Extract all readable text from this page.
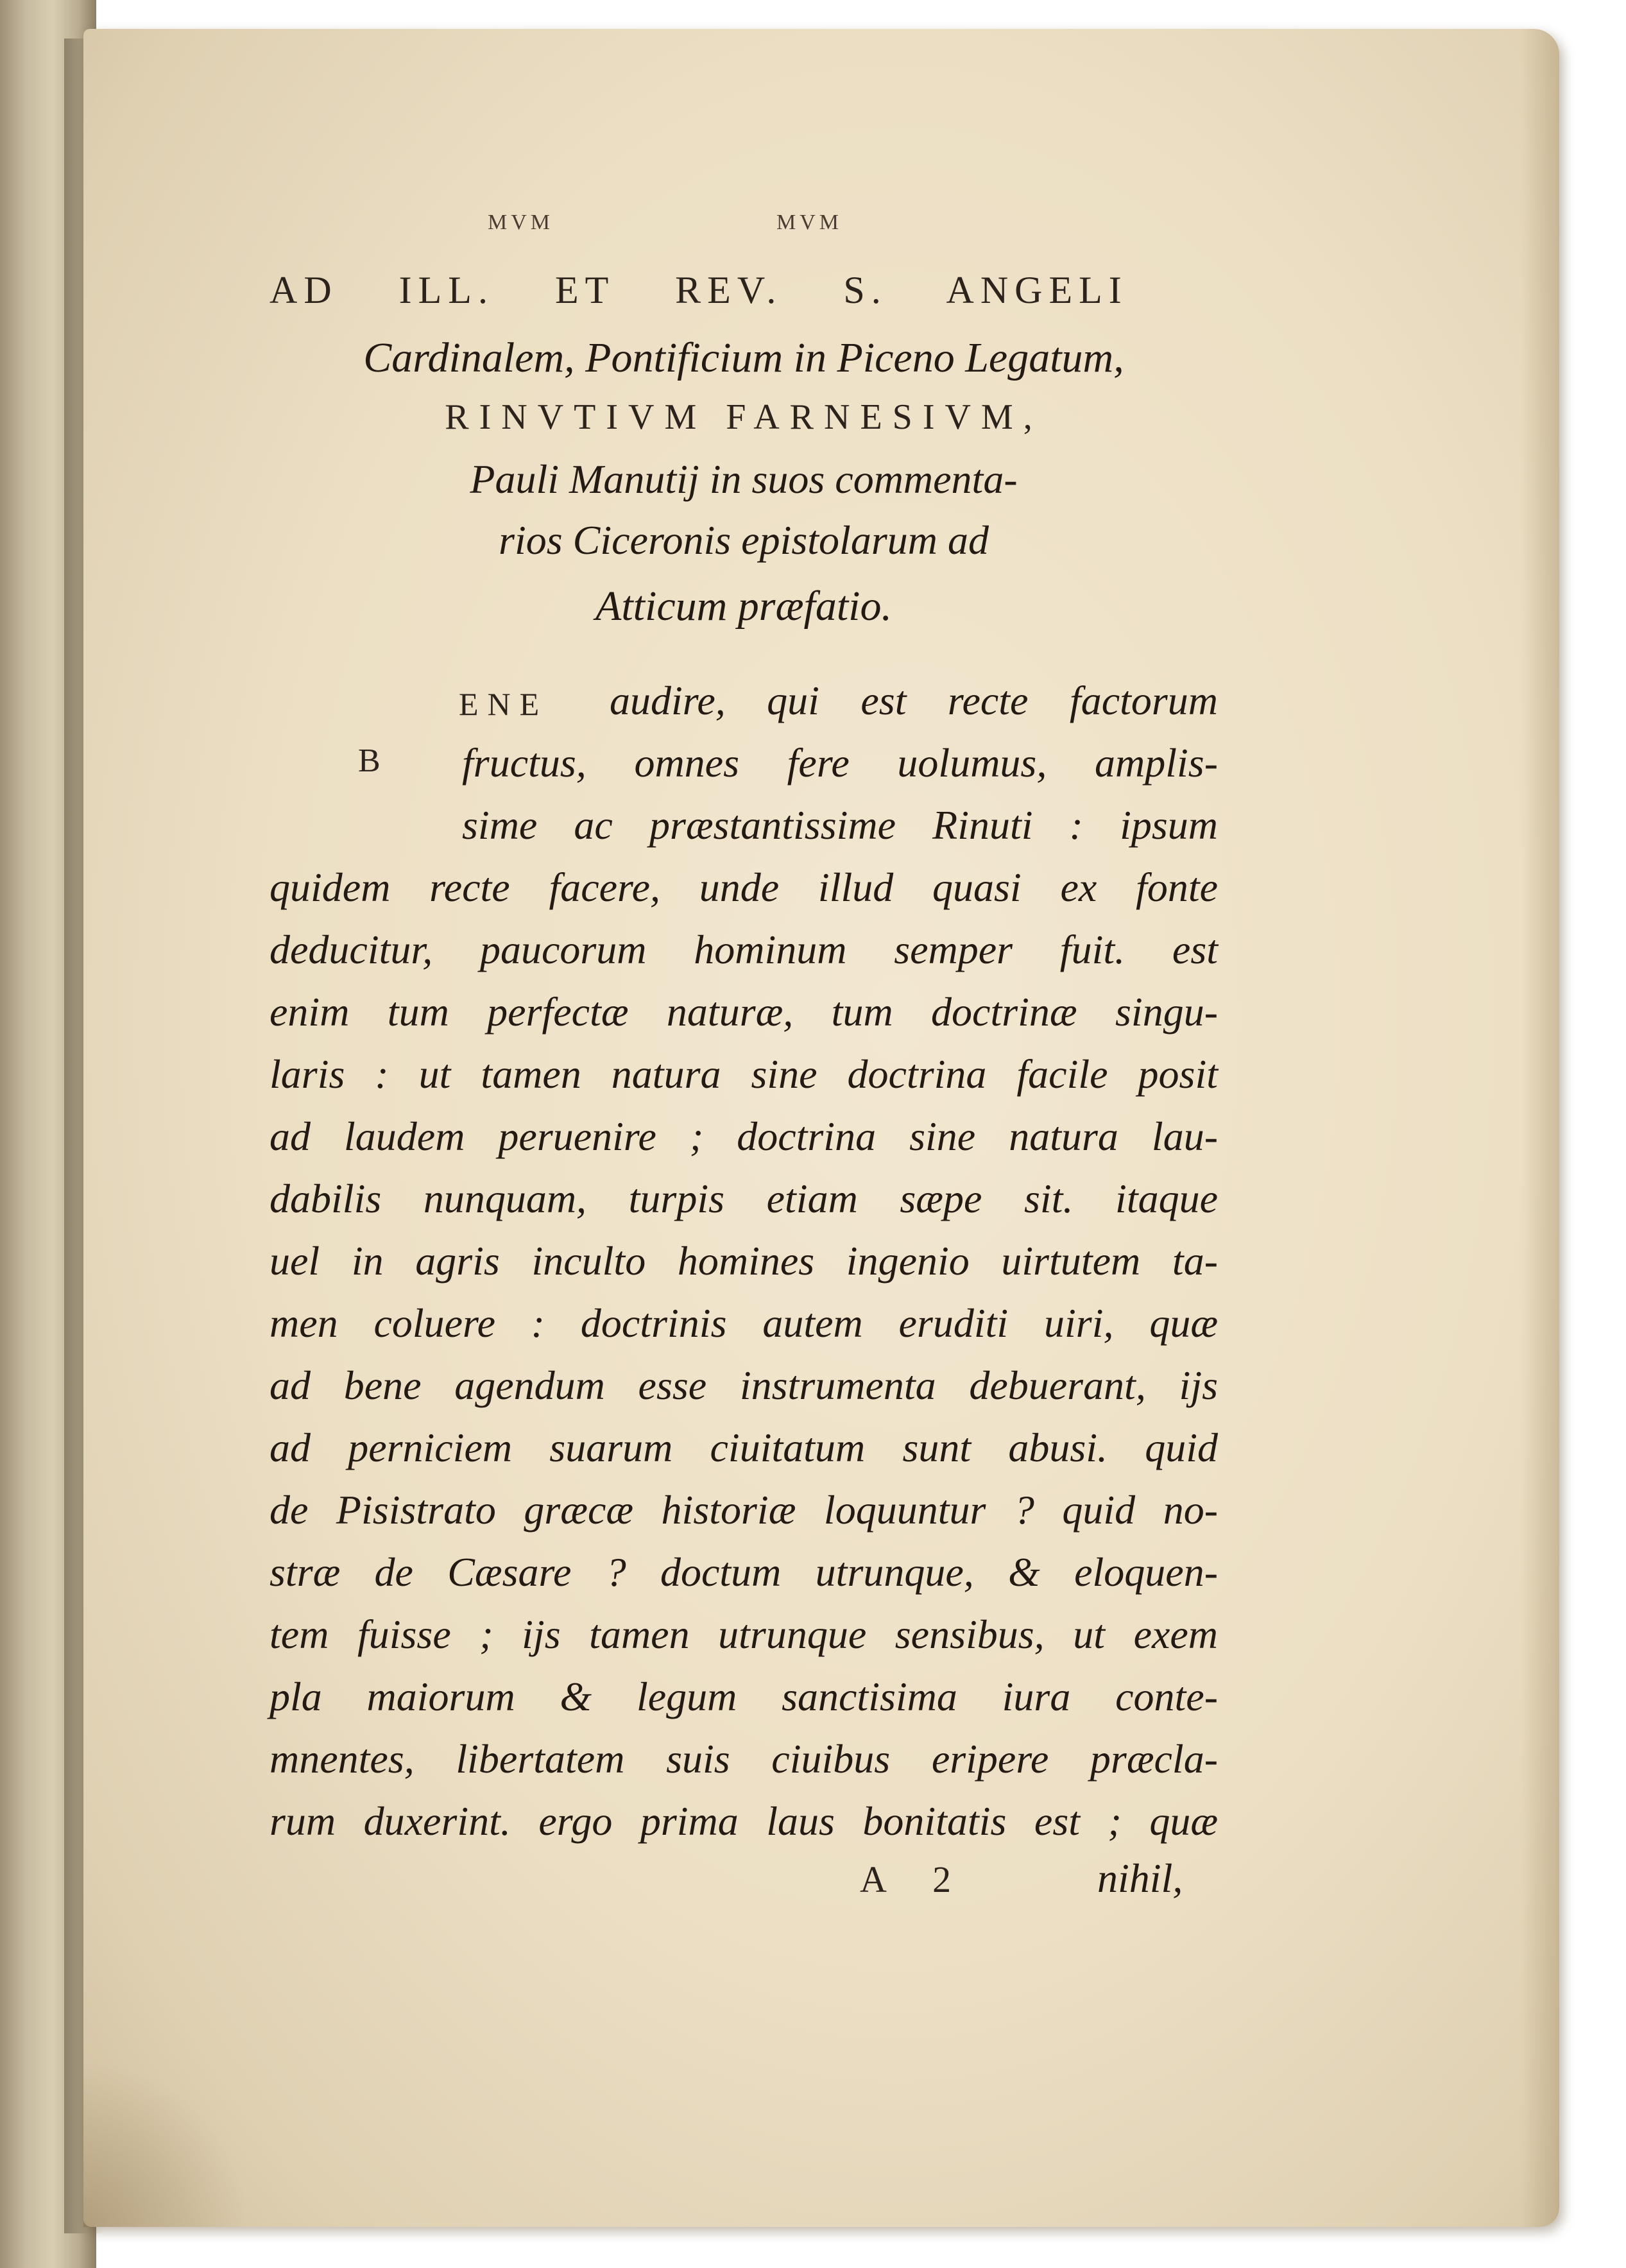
MVM	MVM
AD ILL. ET REV. S. ANGELI
Cardinalem, Pontificium in Piceno Legatum,
RINVTIVM FARNESIVM,
Pauli Manutij in suos commenta-
rios Ciceronis epistolarum ad
Atticum præfatio.
B
ENE audire, qui est recte factorum
fructus, omnes fere uolumus, amplis-
sime ac præstantissime Rinuti : ipsum
quidem recte facere, unde illud quasi ex fonte
deducitur, paucorum hominum semper fuit. est
enim tum perfectæ naturæ, tum doctrinæ singu-
laris : ut tamen natura sine doctrina facile posit
ad laudem peruenire ; doctrina sine natura lau-
dabilis nunquam, turpis etiam sæpe sit. itaque
uel in agris inculto homines ingenio uirtutem ta-
men coluere : doctrinis autem eruditi uiri, quæ
ad bene agendum esse instrumenta debuerant, ijs
ad perniciem suarum ciuitatum sunt abusi. quid
de Pisistrato græcæ historiæ loquuntur ? quid no-
stræ de Cæsare ? doctum utrunque, & eloquen-
tem fuisse ; ijs tamen utrunque sensibus, ut exem
pla maiorum & legum sanctisima iura conte-
mnentes, libertatem suis ciuibus eripere præcla-
rum duxerint. ergo prima laus bonitatis est ; quæ
A 2	nihil,
